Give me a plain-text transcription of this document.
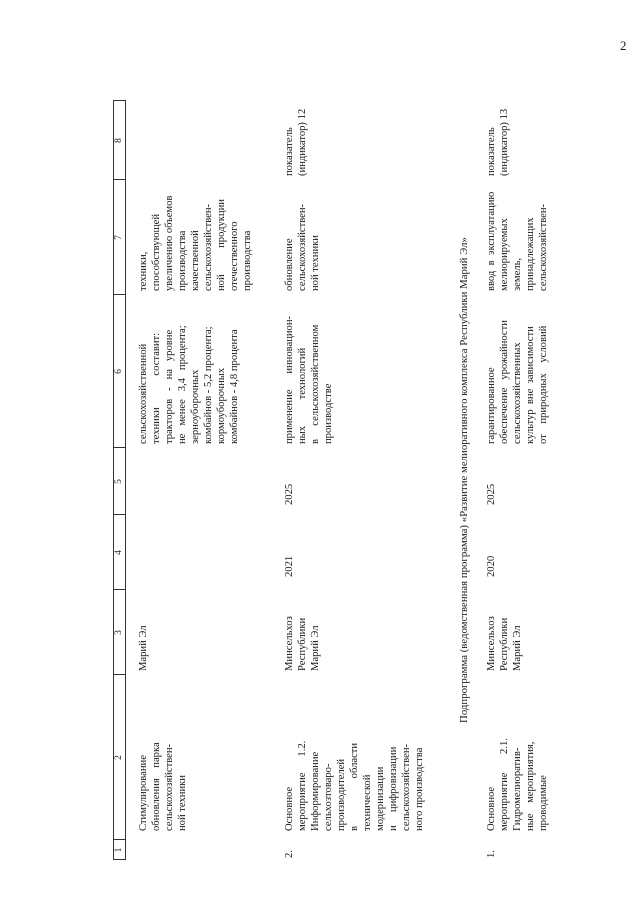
2
1
2
3
4
5
6
7
8
Стимулирование
обновления    парка
сельскохозяйствен-
ной техники
Марий Эл
сельскохозяйственной
техники            составит:
тракторов   -   на   уровне
не   менее   3,4   процента;
зерноуборочных
комбайнов - 5,2 процента;
кормоуборочных
комбайнов - 4,8 процента
техники,
способствующей
увеличению объемов
производства
качественной
сельскохозяйствен-
ной          продукции
отечественного
производства
2.
Основное
мероприятие      1.2.
Информирование
сельхозтоваро-
производителей
в                  области
технической
модернизации
и     цифровизации
сельскохозяйствен-
ного производства
Минсельхоз
Республики
Марий Эл
2021
2025
применение      инновацион-
ных          технологий
в     сельскохозяйственном
производстве
обновление
сельскохозяйствен-
ной техники
показатель
(индикатор) 12
Подпрограмма (ведомственная программа) «Развитие мелиоративного комплекса Республики Марий Эл»
1.
Основное
мероприятие       2.1.
Гидромелиоратив-
ные    мероприятия,
проводимые
Минсельхоз
Республики
Марий Эл
2020
2025
гарантированное
обеспечение   урожайности
сельскохозяйственных
культур  вне  зависимости
от    природных    условий
ввод  в  эксплуатацию
мелиорируемых
земель,
принадлежащих
сельскохозяйствен-
показатель
(индикатор) 13
